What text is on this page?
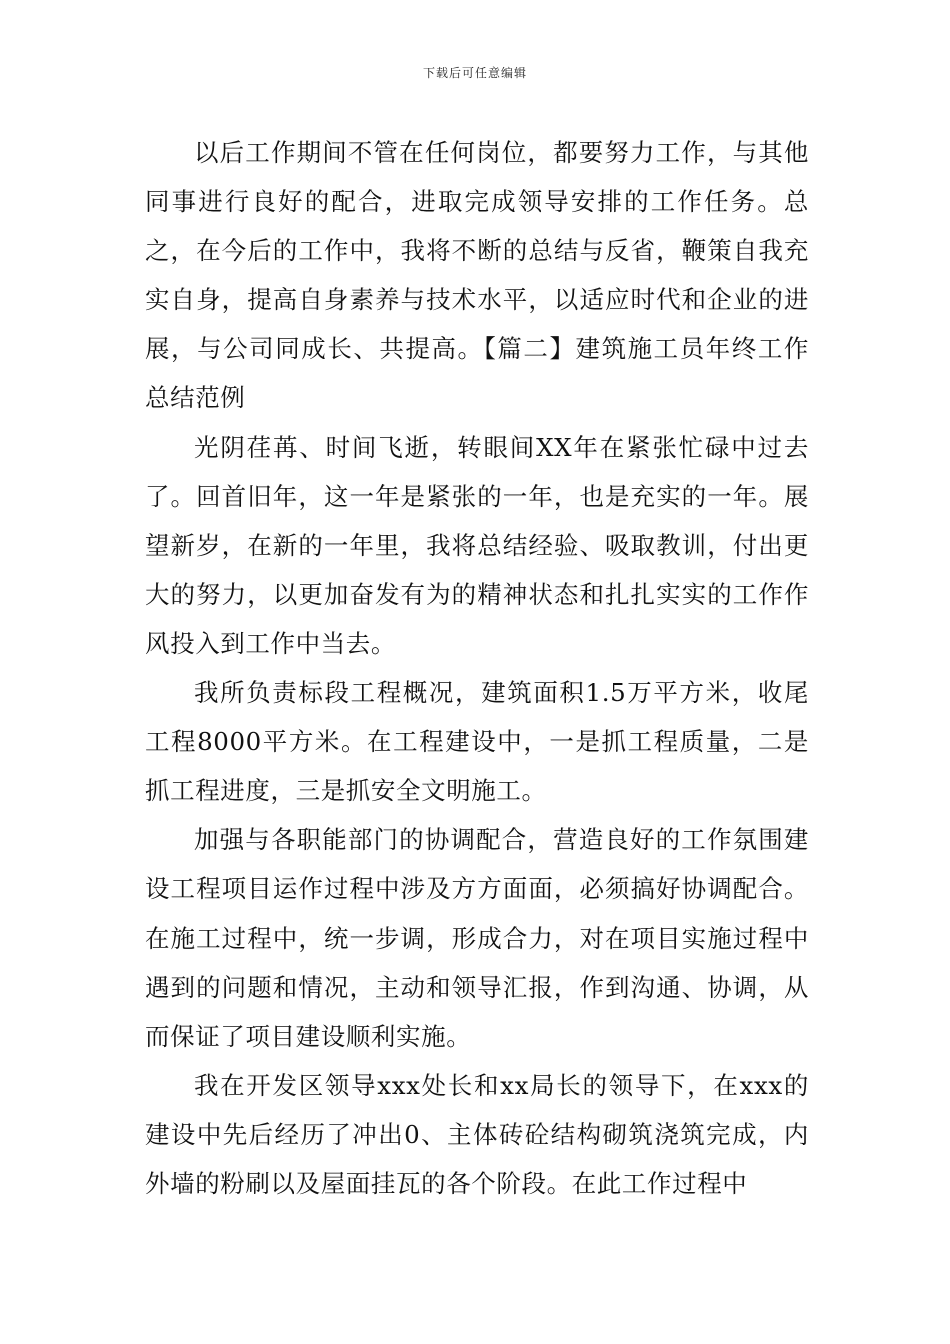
下载后可任意编辑

以后工作期间不管在任何岗位，都要努力工作，与其他同事进行良好的配合，进取完成领导安排的工作任务。总之，在今后的工作中，我将不断的总结与反省，鞭策自我充实自身，提高自身素养与技术水平，以适应时代和企业的进展，与公司同成长、共提高。【篇二】建筑施工员年终工作总结范例

光阴荏苒、时间飞逝，转眼间XX年在紧张忙碌中过去了。回首旧年，这一年是紧张的一年，也是充实的一年。展望新岁，在新的一年里，我将总结经验、吸取教训，付出更大的努力，以更加奋发有为的精神状态和扎扎实实的工作作风投入到工作中当去。

我所负责标段工程概况，建筑面积1.5万平方米，收尾工程8000平方米。在工程建设中，一是抓工程质量，二是抓工程进度，三是抓安全文明施工。

加强与各职能部门的协调配合，营造良好的工作氛围建设工程项目运作过程中涉及方方面面，必须搞好协调配合。在施工过程中，统一步调，形成合力，对在项目实施过程中遇到的问题和情况，主动和领导汇报，作到沟通、协调，从而保证了项目建设顺利实施。

我在开发区领导xxx处长和xx局长的领导下，在xxx的建设中先后经历了冲出0、主体砖砼结构砌筑浇筑完成，内外墙的粉刷以及屋面挂瓦的各个阶段。在此工作过程中
